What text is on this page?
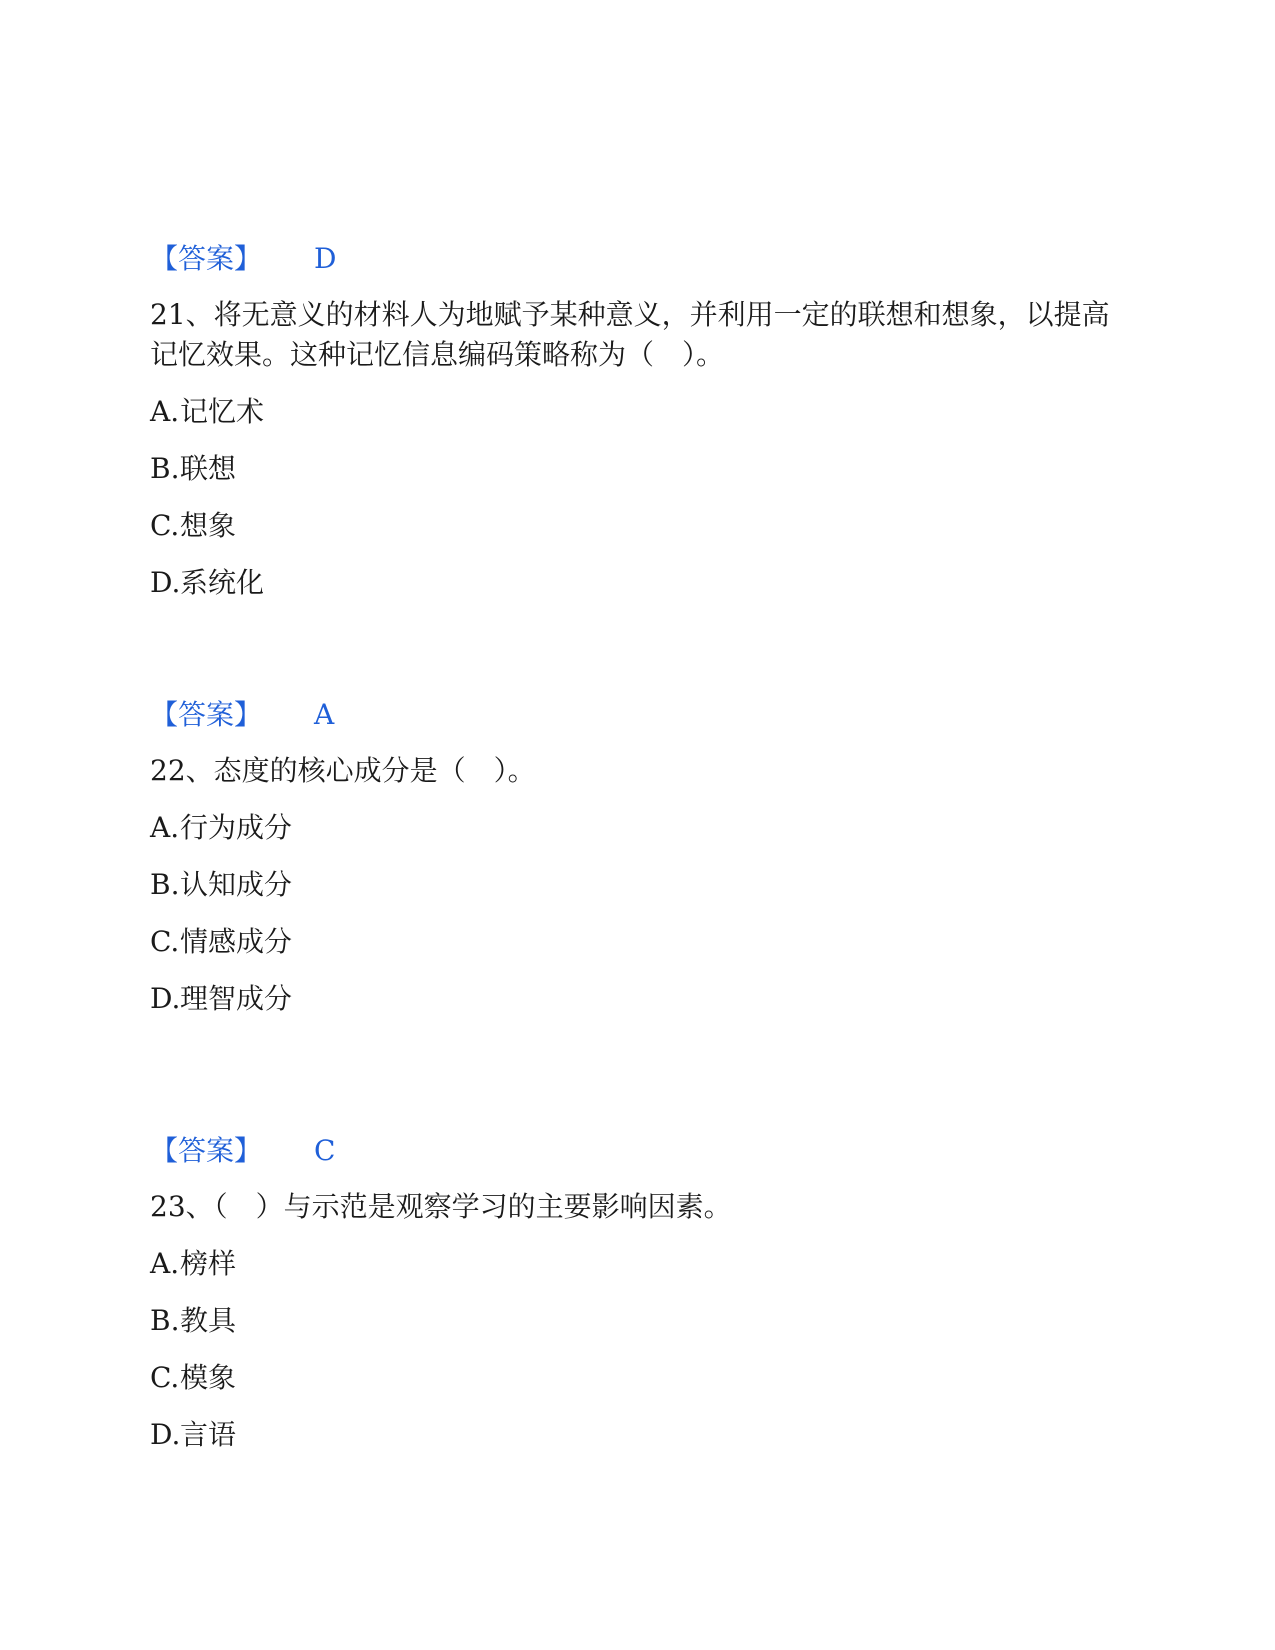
【答案】 D
21、将无意义的材料人为地赋予某种意义，并利用一定的联想和想象，以提高记忆效果。这种记忆信息编码策略称为（　）。
A.记忆术
B.联想
C.想象
D.系统化
【答案】 A
22、态度的核心成分是（　）。
A.行为成分
B.认知成分
C.情感成分
D.理智成分
【答案】 C
23、（　）与示范是观察学习的主要影响因素。
A.榜样
B.教具
C.模象
D.言语
